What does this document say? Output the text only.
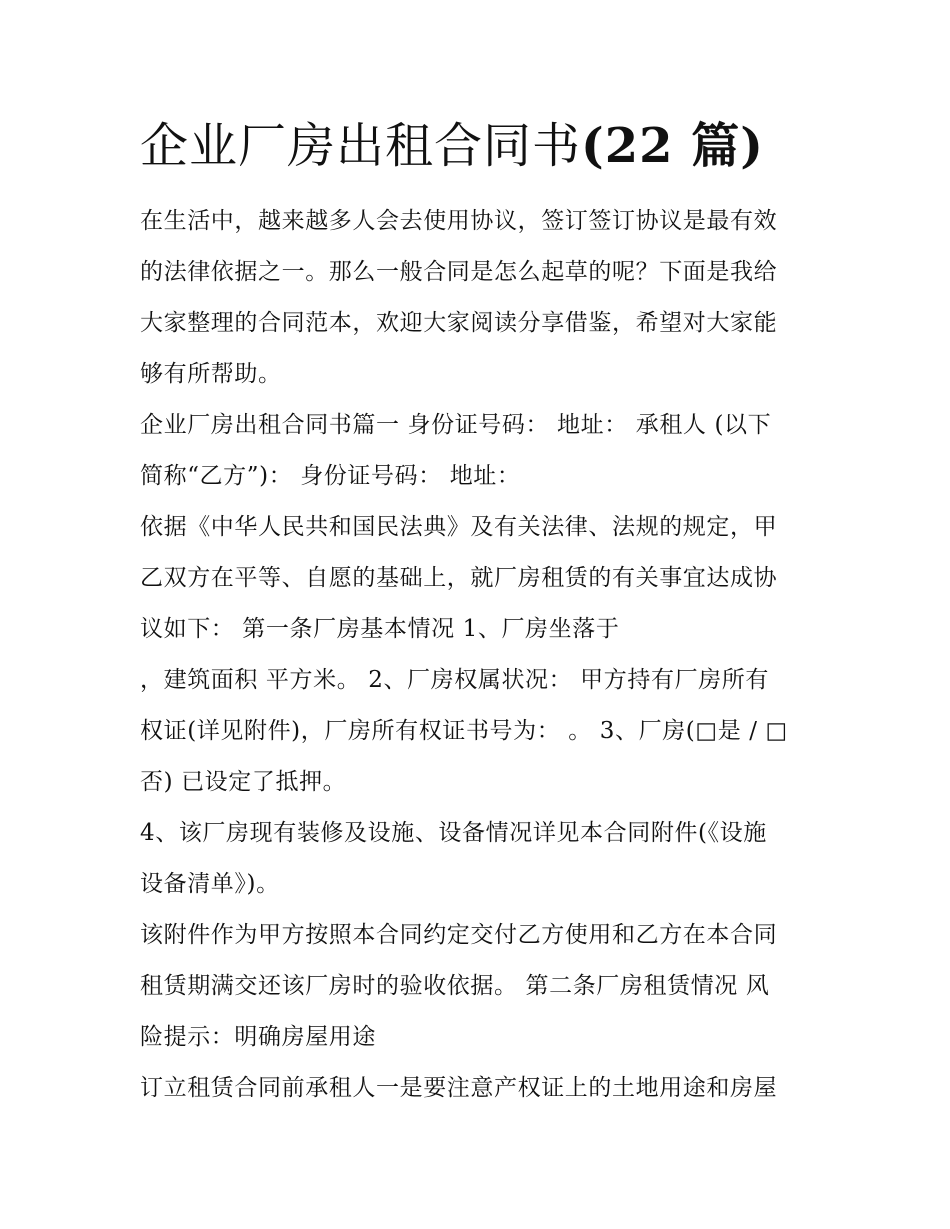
企业厂房出租合同书(22 篇)
在生活中，越来越多人会去使用协议，签订签订协议是最有效
的法律依据之一。那么一般合同是怎么起草的呢？下面是我给
大家整理的合同范本，欢迎大家阅读分享借鉴，希望对大家能
够有所帮助。
企业厂房出租合同书篇一 身份证号码： 地址： 承租人 (以下
简称“乙方”)： 身份证号码： 地址：
依据《中华人民共和国民法典》及有关法律、法规的规定，甲
乙双方在平等、自愿的基础上，就厂房租赁的有关事宜达成协
议如下： 第一条厂房基本情况 1、厂房坐落于
，建筑面积 平方米。 2、厂房权属状况： 甲方持有厂房所有
权证(详见附件)，厂房所有权证书号为： 。 3、厂房(□是 / □
否) 已设定了抵押。
4、该厂房现有装修及设施、设备情况详见本合同附件(《设施
设备清单》)。
该附件作为甲方按照本合同约定交付乙方使用和乙方在本合同
租赁期满交还该厂房时的验收依据。 第二条厂房租赁情况 风
险提示：明确房屋用途
订立租赁合同前承租人一是要注意产权证上的土地用途和房屋
